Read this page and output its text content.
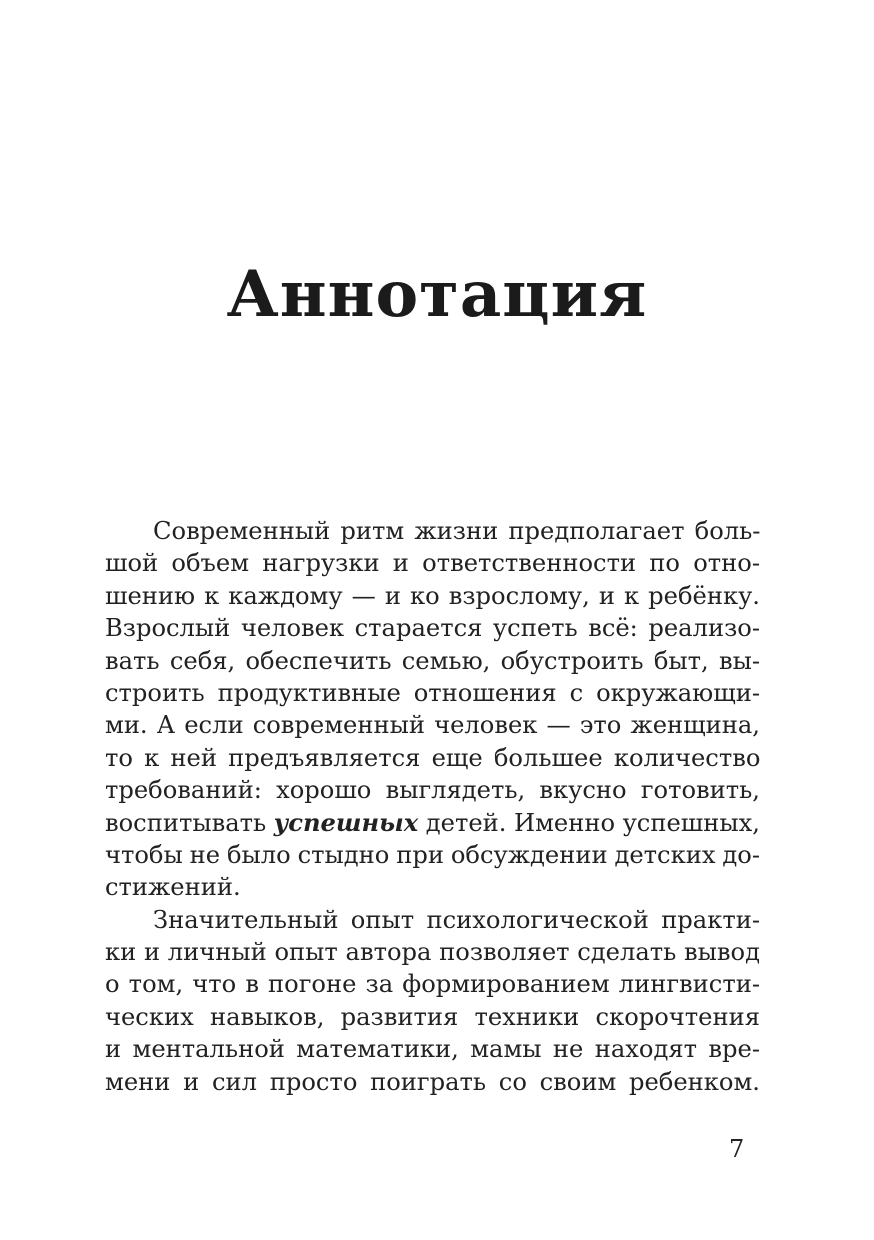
Аннотация
Современный ритм жизни предполагает боль-
шой объем нагрузки и ответственности по отно-
шению к каждому — и ко взрослому, и к ребёнку.
Взрослый человек старается успеть всё: реализо-
вать себя, обеспечить семью, обустроить быт, вы-
строить продуктивные отношения с окружающи-
ми. А если современный человек — это женщина,
то к ней предъявляется еще большее количество
требований: хорошо выглядеть, вкусно готовить,
воспитывать успешных детей. Именно успешных,
чтобы не было стыдно при обсуждении детских до-
стижений.
Значительный опыт психологической практи-
ки и личный опыт автора позволяет сделать вывод
о том, что в погоне за формированием лингвисти-
ческих навыков, развития техники скорочтения
и ментальной математики, мамы не находят вре-
мени и сил просто поиграть со своим ребенком.
7
